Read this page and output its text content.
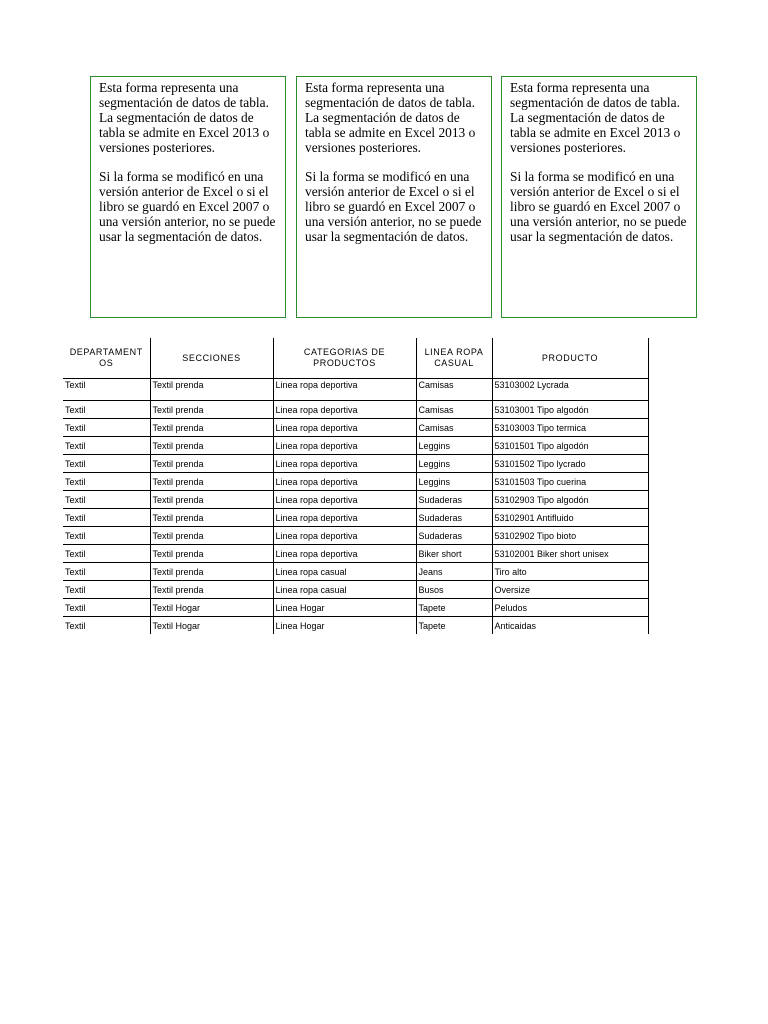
Esta forma representa una segmentación de datos de tabla. La segmentación de datos de tabla se admite en Excel 2013 o versiones posteriores.

Si la forma se modificó en una versión anterior de Excel o si el libro se guardó en Excel 2007 o una versión anterior, no se puede usar la segmentación de datos.

Esta forma representa una segmentación de datos de tabla. La segmentación de datos de tabla se admite en Excel 2013 o versiones posteriores.

Si la forma se modificó en una versión anterior de Excel o si el libro se guardó en Excel 2007 o una versión anterior, no se puede usar la segmentación de datos.

Esta forma representa una segmentación de datos de tabla. La segmentación de datos de tabla se admite en Excel 2013 o versiones posteriores.

Si la forma se modificó en una versión anterior de Excel o si el libro se guardó en Excel 2007 o una versión anterior, no se puede usar la segmentación de datos.

DEPARTAMENT OS	SECCIONES	CATEGORIAS DE PRODUCTOS	LINEA ROPA CASUAL	PRODUCTO
Textil	Textil prenda	Linea ropa deportiva	Camisas	53103002 Lycrada
Textil	Textil prenda	Linea ropa deportiva	Camisas	53103001 Tipo algodón
Textil	Textil prenda	Linea ropa deportiva	Camisas	53103003 Tipo termica
Textil	Textil prenda	Linea ropa deportiva	Leggins	53101501 Tipo algodón
Textil	Textil prenda	Linea ropa deportiva	Leggins	53101502 Tipo lycrado
Textil	Textil prenda	Linea ropa deportiva	Leggins	53101503 Tipo cuerina
Textil	Textil prenda	Linea ropa deportiva	Sudaderas	53102903 Tipo algodón
Textil	Textil prenda	Linea ropa deportiva	Sudaderas	53102901 Antifluido
Textil	Textil prenda	Linea ropa deportiva	Sudaderas	53102902 Tipo bioto
Textil	Textil prenda	Linea ropa deportiva	Biker short	53102001 Biker short unisex
Textil	Textil prenda	Linea ropa casual	Jeans	Tiro alto
Textil	Textil prenda	Linea ropa casual	Busos	Oversize
Textil	Textil Hogar	Linea Hogar	Tapete	Peludos
Textil	Textil Hogar	Linea Hogar	Tapete	Anticaidas
